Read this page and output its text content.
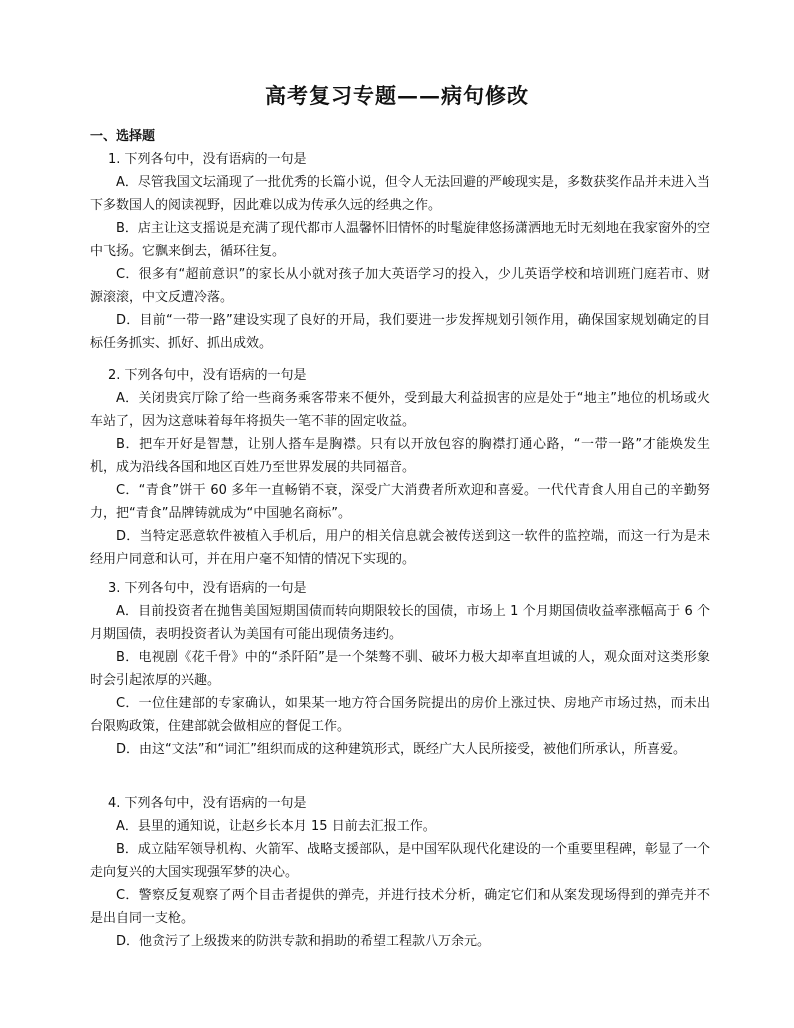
高考复习专题——病句修改
一、选择题
1. 下列各句中，没有语病的一句是
A．尽管我国文坛涌现了一批优秀的长篇小说，但令人无法回避的严峻现实是，多数获奖作品并未进入当下多数国人的阅读视野，因此难以成为传承久远的经典之作。
B．店主让这支摇说是充满了现代都市人温馨怀旧情怀的时髦旋律悠扬潇洒地无时无刻地在我家窗外的空中飞扬。它飘来倒去，循环往复。
C．很多有“超前意识”的家长从小就对孩子加大英语学习的投入，少儿英语学校和培训班门庭若市、财源滚滚，中文反遭冷落。
D．目前“一带一路”建设实现了良好的开局，我们要进一步发挥规划引领作用，确保国家规划确定的目标任务抓实、抓好、抓出成效。
2. 下列各句中，没有语病的一句是
A．关闭贵宾厅除了给一些商务乘客带来不便外，受到最大利益损害的应是处于“地主”地位的机场或火车站了，因为这意味着每年将损失一笔不菲的固定收益。
B．把车开好是智慧，让别人搭车是胸襟。只有以开放包容的胸襟打通心路，“一带一路”才能焕发生机，成为沿线各国和地区百姓乃至世界发展的共同福音。
C．“青食”饼干 60 多年一直畅销不衰，深受广大消费者所欢迎和喜爱。一代代青食人用自己的辛勤努力，把“青食”品牌铸就成为“中国驰名商标”。
D．当特定恶意软件被植入手机后，用户的相关信息就会被传送到这一软件的监控端，而这一行为是未经用户同意和认可，并在用户毫不知情的情况下实现的。
3. 下列各句中，没有语病的一句是
A．目前投资者在抛售美国短期国债而转向期限较长的国债，市场上 1 个月期国债收益率涨幅高于 6 个月期国债，表明投资者认为美国有可能出现债务违约。
B．电视剧《花千骨》中的“杀阡陌”是一个桀骜不驯、破坏力极大却率直坦诚的人，观众面对这类形象时会引起浓厚的兴趣。
C．一位住建部的专家确认，如果某一地方符合国务院提出的房价上涨过快、房地产市场过热，而未出台限购政策，住建部就会做相应的督促工作。
D．由这“文法”和“词汇”组织而成的这种建筑形式，既经广大人民所接受，被他们所承认，所喜爱。
4. 下列各句中，没有语病的一句是
A．县里的通知说，让赵乡长本月 15 日前去汇报工作。
B．成立陆军领导机构、火箭军、战略支援部队，是中国军队现代化建设的一个重要里程碑，彰显了一个走向复兴的大国实现强军梦的决心。
C．警察反复观察了两个目击者提供的弹壳，并进行技术分析，确定它们和从案发现场得到的弹壳并不是出自同一支枪。
D．他贪污了上级拨来的防洪专款和捐助的希望工程款八万余元。
